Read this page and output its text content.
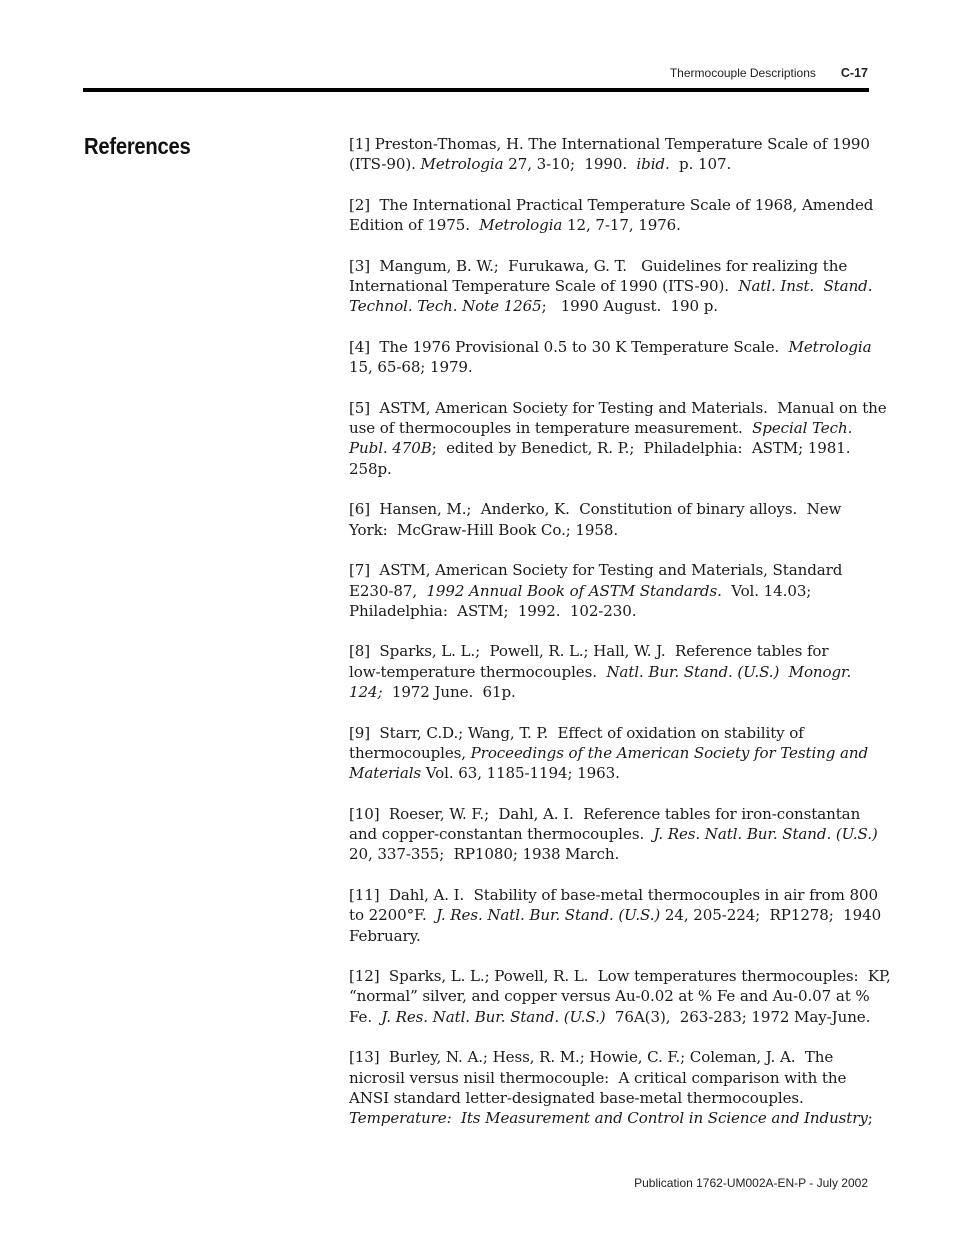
Thermocouple Descriptions C-17
References	[1] Preston-Thomas, H. The International Temperature Scale of 1990
(ITS-90). Metrologia 27, 3-10;  1990.  ibid.  p. 107.
[2]  The International Practical Temperature Scale of 1968, Amended
Edition of 1975.  Metrologia 12, 7-17, 1976.
[3]  Mangum, B. W.;  Furukawa, G. T.   Guidelines for realizing the
International Temperature Scale of 1990 (ITS-90).  Natl. Inst.  Stand.
Technol. Tech. Note 1265;   1990 August.  190 p.
[4]  The 1976 Provisional 0.5 to 30 K Temperature Scale.  Metrologia
15, 65-68; 1979.
[5]  ASTM, American Society for Testing and Materials.  Manual on the
use of thermocouples in temperature measurement.  Special Tech.
Publ. 470B;  edited by Benedict, R. P.;  Philadelphia:  ASTM; 1981.
258p.
[6]  Hansen, M.;  Anderko, K.  Constitution of binary alloys.  New
York:  McGraw-Hill Book Co.; 1958.
[7]  ASTM, American Society for Testing and Materials, Standard
E230-87,  1992 Annual Book of ASTM Standards.  Vol. 14.03;
Philadelphia:  ASTM;  1992.  102-230.
[8]  Sparks, L. L.;  Powell, R. L.; Hall, W. J.  Reference tables for
low-temperature thermocouples.  Natl. Bur. Stand. (U.S.)  Monogr.
124;  1972 June.  61p.
[9]  Starr, C.D.; Wang, T. P.  Effect of oxidation on stability of
thermocouples, Proceedings of the American Society for Testing and
Materials Vol. 63, 1185-1194; 1963.
[10]  Roeser, W. F.;  Dahl, A. I.  Reference tables for iron-constantan
and copper-constantan thermocouples.  J. Res. Natl. Bur. Stand. (U.S.)
20, 337-355;  RP1080; 1938 March.
[11]  Dahl, A. I.  Stability of base-metal thermocouples in air from 800
to 2200°F.  J. Res. Natl. Bur. Stand. (U.S.) 24, 205-224;  RP1278;  1940
February.
[12]  Sparks, L. L.; Powell, R. L.  Low temperatures thermocouples:  KP,
“normal” silver, and copper versus Au-0.02 at % Fe and Au-0.07 at %
Fe.  J. Res. Natl. Bur. Stand. (U.S.)  76A(3),  263-283; 1972 May-June.
[13]  Burley, N. A.; Hess, R. M.; Howie, C. F.; Coleman, J. A.  The
nicrosil versus nisil thermocouple:  A critical comparison with the
ANSI standard letter-designated base-metal thermocouples.
Temperature:  Its Measurement and Control in Science and Industry;
Publication 1762-UM002A-EN-P - July 2002
